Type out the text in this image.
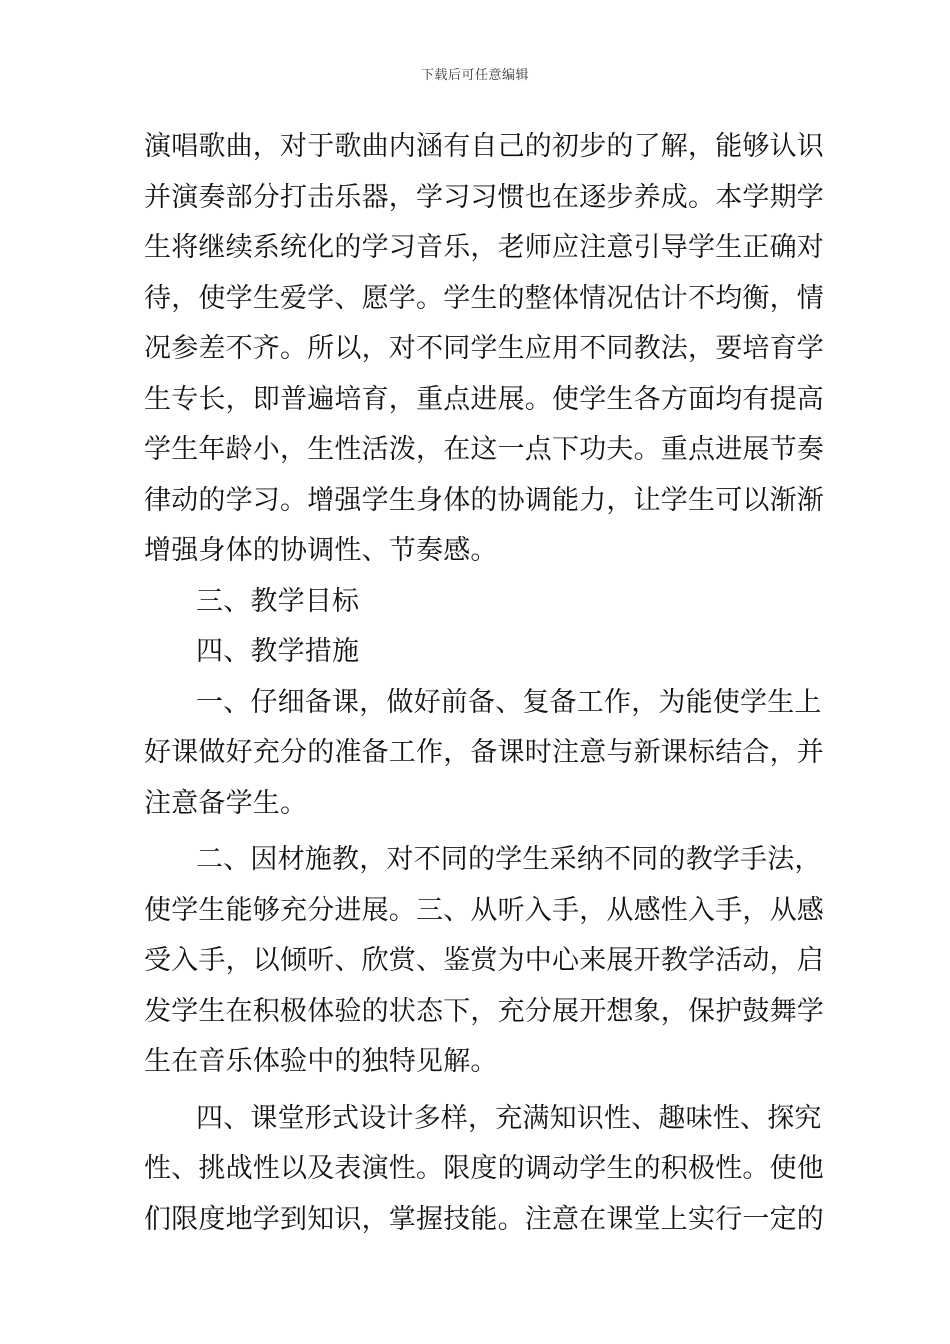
下载后可任意编辑
演唱歌曲，对于歌曲内涵有自己的初步的了解，能够认识
并演奏部分打击乐器，学习习惯也在逐步养成。本学期学
生将继续系统化的学习音乐，老师应注意引导学生正确对
待，使学生爱学、愿学。学生的整体情况估计不均衡，情
况参差不齐。所以，对不同学生应用不同教法，要培育学
生专长，即普遍培育，重点进展。使学生各方面均有提高
学生年龄小，生性活泼，在这一点下功夫。重点进展节奏
律动的学习。增强学生身体的协调能力，让学生可以渐渐
增强身体的协调性、节奏感。
三、教学目标
四、教学措施
一、仔细备课，做好前备、复备工作，为能使学生上
好课做好充分的准备工作，备课时注意与新课标结合，并
注意备学生。
二、因材施教，对不同的学生采纳不同的教学手法，
使学生能够充分进展。三、从听入手，从感性入手，从感
受入手，以倾听、欣赏、鉴赏为中心来展开教学活动，启
发学生在积极体验的状态下，充分展开想象，保护鼓舞学
生在音乐体验中的独特见解。
四、课堂形式设计多样，充满知识性、趣味性、探究
性、挑战性以及表演性。限度的调动学生的积极性。使他
们限度地学到知识，掌握技能。注意在课堂上实行一定的
